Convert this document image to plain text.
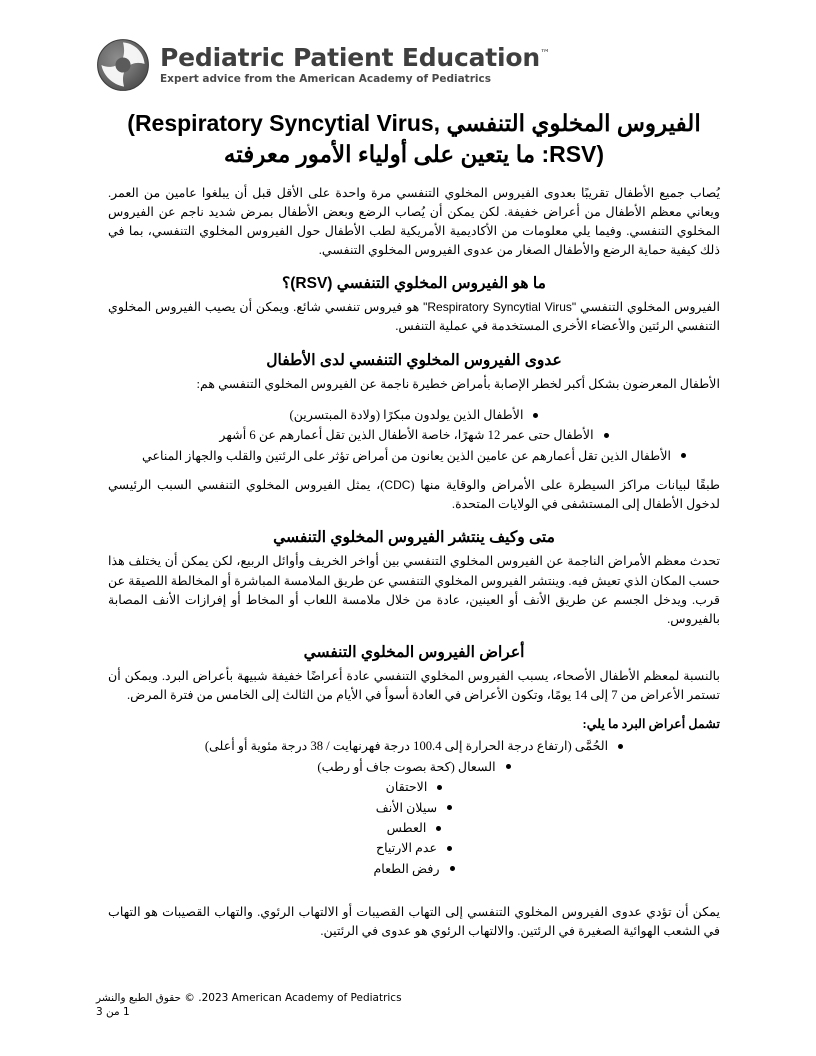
Pediatric Patient Education™
Expert advice from the American Academy of Pediatrics
الفيروس المخلوي التنفسي (Respiratory Syncytial Virus, RSV): ما يتعين على أولياء الأمور معرفته

يُصاب جميع الأطفال تقريبًا بعدوى الفيروس المخلوي التنفسي مرة واحدة على الأقل قبل أن يبلغوا عامين من العمر. ويعاني معظم الأطفال من أعراض خفيفة. لكن يمكن أن يُصاب الرضع وبعض الأطفال بمرض شديد ناجم عن الفيروس المخلوي التنفسي. وفيما يلي معلومات من الأكاديمية الأمريكية لطب الأطفال حول الفيروس المخلوي التنفسي، بما في ذلك كيفية حماية الرضع والأطفال الصغار من عدوى الفيروس المخلوي التنفسي.

ما هو الفيروس المخلوي التنفسي (RSV)؟

الفيروس المخلوي التنفسي "Respiratory Syncytial Virus" هو فيروس تنفسي شائع. ويمكن أن يصيب الفيروس المخلوي التنفسي الرئتين والأعضاء الأخرى المستخدمة في عملية التنفس.

عدوى الفيروس المخلوي التنفسي لدى الأطفال

الأطفال المعرضون بشكل أكبر لخطر الإصابة بأمراض خطيرة ناجمة عن الفيروس المخلوي التنفسي هم:

الأطفال الذين يولدون مبكرًا (ولادة المبتسرين)
الأطفال حتى عمر 12 شهرًا، خاصة الأطفال الذين تقل أعمارهم عن 6 أشهر
الأطفال الذين تقل أعمارهم عن عامين الذين يعانون من أمراض تؤثر على الرئتين والقلب والجهاز المناعي

طبقًا لبيانات مراكز السيطرة على الأمراض والوقاية منها (CDC)، يمثل الفيروس المخلوي التنفسي السبب الرئيسي لدخول الأطفال إلى المستشفى في الولايات المتحدة.

متى وكيف ينتشر الفيروس المخلوي التنفسي

تحدث معظم الأمراض الناجمة عن الفيروس المخلوي التنفسي بين أواخر الخريف وأوائل الربيع، لكن يمكن أن يختلف هذا حسب المكان الذي تعيش فيه. وينتشر الفيروس المخلوي التنفسي عن طريق الملامسة المباشرة أو المخالطة اللصيقة عن قرب. ويدخل الجسم عن طريق الأنف أو العينين، عادة من خلال ملامسة اللعاب أو المخاط أو إفرازات الأنف المصابة بالفيروس.

أعراض الفيروس المخلوي التنفسي

بالنسبة لمعظم الأطفال الأصحاء، يسبب الفيروس المخلوي التنفسي عادة أعراضًا خفيفة شبيهة بأعراض البرد. ويمكن أن تستمر الأعراض من 7 إلى 14 يومًا، وتكون الأعراض في العادة أسوأ في الأيام من الثالث إلى الخامس من فترة المرض.

تشمل أعراض البرد ما يلي:

الحُمَّى (ارتفاع درجة الحرارة إلى 100.4 درجة فهرنهايت / 38 درجة مئوية أو أعلى)
السعال (كحة بصوت جاف أو رطب)
الاحتقان
سيلان الأنف
العطس
عدم الارتياح
رفض الطعام

يمكن أن تؤدي عدوى الفيروس المخلوي التنفسي إلى التهاب القصيبات أو الالتهاب الرئوي. والتهاب القصيبات هو التهاب في الشعب الهوائية الصغيرة في الرئتين. والالتهاب الرئوي هو عدوى في الرئتين.

.2023 American Academy of Pediatrics © حقوق الطبع والنشر
1 من 3
